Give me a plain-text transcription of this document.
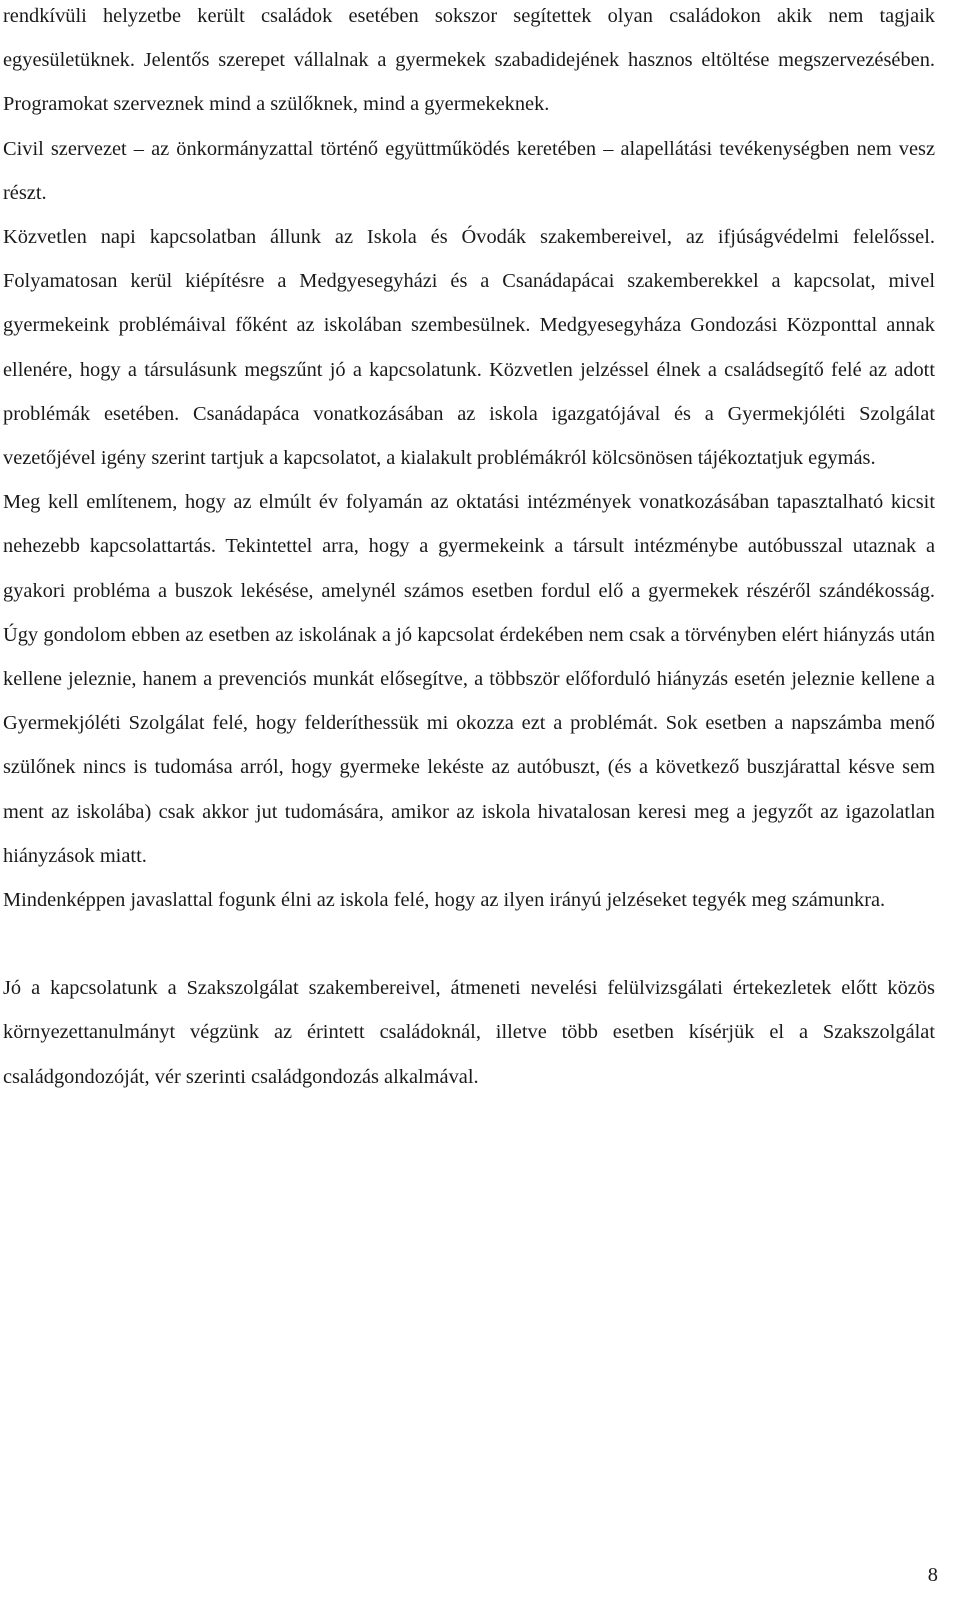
rendkívüli helyzetbe került családok esetében sokszor segítettek olyan családokon akik nem tagjaik egyesületüknek. Jelentős szerepet vállalnak a gyermekek szabadidejének hasznos eltöltése megszervezésében. Programokat szerveznek mind a szülőknek, mind a gyermekeknek.

Civil szervezet – az önkormányzattal történő együttműködés keretében – alapellátási tevékenységben nem vesz részt.

Közvetlen napi kapcsolatban állunk az Iskola és Óvodák szakembereivel, az ifjúságvédelmi felelőssel. Folyamatosan kerül kiépítésre a Medgyesegyházi és a Csanádapácai szakemberekkel a kapcsolat, mivel gyermekeink problémáival főként az iskolában szembesülnek. Medgyesegyháza Gondozási Központtal annak ellenére, hogy a társulásunk megszűnt jó a kapcsolatunk. Közvetlen jelzéssel élnek a családsegítő felé az adott problémák esetében. Csanádapáca vonatkozásában az iskola igazgatójával és a Gyermekjóléti Szolgálat vezetőjével igény szerint tartjuk a kapcsolatot, a kialakult problémákról kölcsönösen tájékoztatjuk egymás.

Meg kell említenem, hogy az elmúlt év folyamán az oktatási intézmények vonatkozásában tapasztalható kicsit nehezebb kapcsolattartás. Tekintettel arra, hogy a gyermekeink a társult intézménybe autóbusszal utaznak a gyakori probléma a buszok lekésése, amelynél számos esetben fordul elő a gyermekek részéről szándékosság. Úgy gondolom ebben az esetben az iskolának a jó kapcsolat érdekében nem csak a törvényben elért hiányzás után kellene jeleznie, hanem a prevenciós munkát elősegítve, a többször előforduló hiányzás esetén jeleznie kellene a Gyermekjóléti Szolgálat felé, hogy felderíthessük mi okozza ezt a problémát. Sok esetben a napszámba menő szülőnek nincs is tudomása arról, hogy gyermeke lekéste az autóbuszt, (és a következő buszjárattal késve sem ment az iskolába) csak akkor jut tudomására, amikor az iskola hivatalosan keresi meg a jegyzőt az igazolatlan hiányzások miatt.

Mindenképpen javaslattal fogunk élni az iskola felé, hogy az ilyen irányú jelzéseket tegyék meg számunkra.

Jó a kapcsolatunk a Szakszolgálat szakembereivel, átmeneti nevelési felülvizsgálati értekezletek előtt közös környezettanulmányt végzünk az érintett családoknál, illetve több esetben kísérjük el a Szakszolgálat családgondozóját, vér szerinti családgondozás alkalmával.

8
